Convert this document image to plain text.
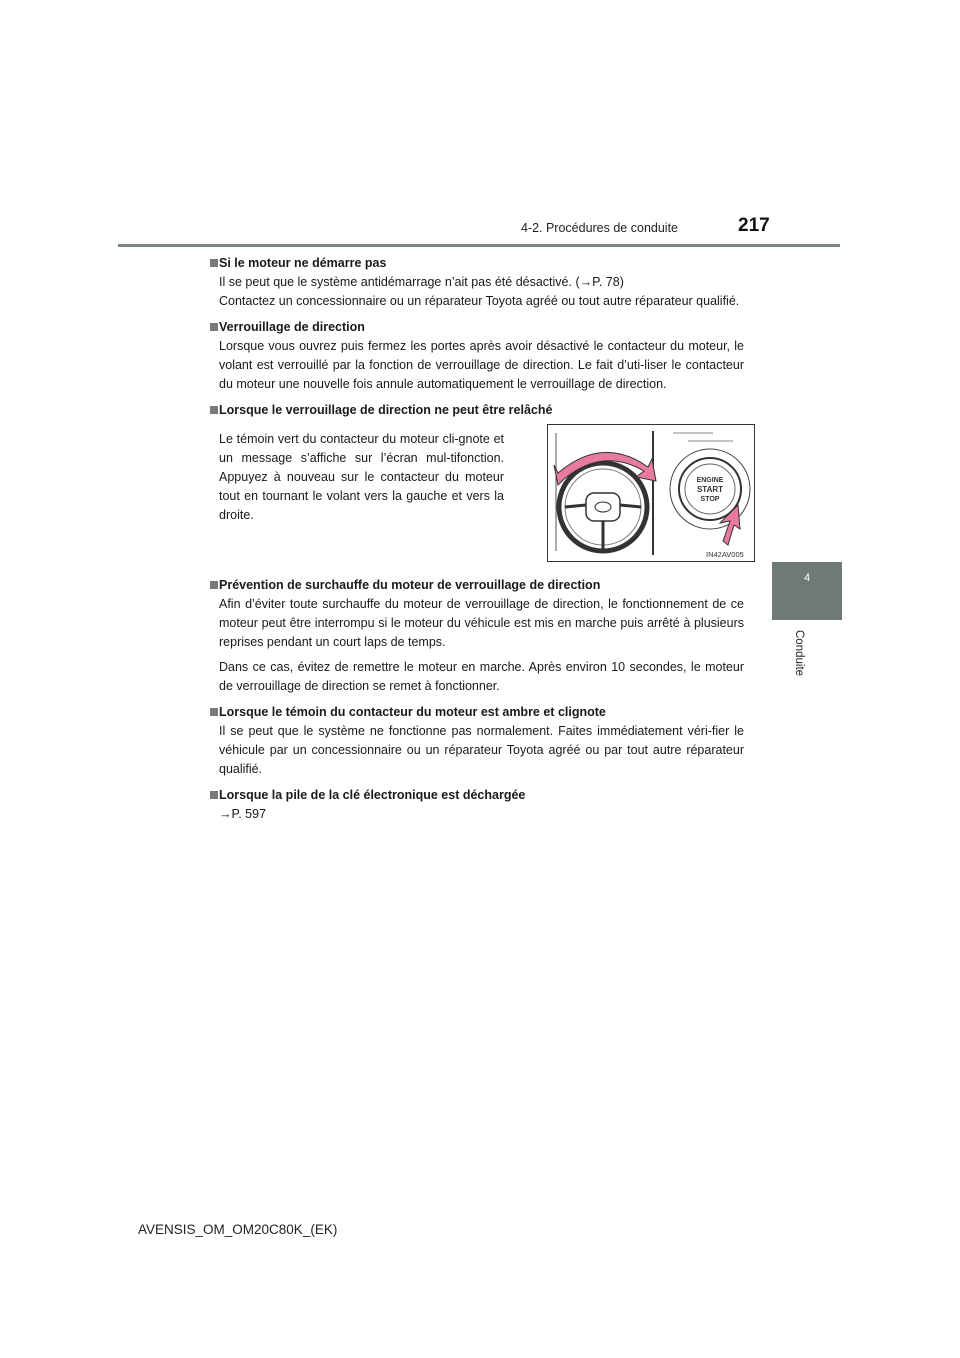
4-2. Procédures de conduite	217
4
Conduite
Si le moteur ne démarre pas
Il se peut que le système antidémarrage n’ait pas été désactivé. (→P. 78)
Contactez un concessionnaire ou un réparateur Toyota agréé ou tout autre réparateur qualifié.
Verrouillage de direction
Lorsque vous ouvrez puis fermez les portes après avoir désactivé le contacteur du moteur, le volant est verrouillé par la fonction de verrouillage de direction. Le fait d’uti-liser le contacteur du moteur une nouvelle fois annule automatiquement le verrouillage de direction.
Lorsque le verrouillage de direction ne peut être relâché
Le témoin vert du contacteur du moteur cli-gnote et un message s’affiche sur l’écran mul-tifonction. Appuyez à nouveau sur le contacteur du moteur tout en tournant le volant vers la gauche et vers la droite.
ENGINE
START
STOP
IN42AV005
Prévention de surchauffe du moteur de verrouillage de direction
Afin d’éviter toute surchauffe du moteur de verrouillage de direction, le fonctionnement de ce moteur peut être interrompu si le moteur du véhicule est mis en marche puis arrêté à plusieurs reprises pendant un court laps de temps.
Dans ce cas, évitez de remettre le moteur en marche. Après environ 10 secondes, le moteur de verrouillage de direction se remet à fonctionner.
Lorsque le témoin du contacteur du moteur est ambre et clignote
Il se peut que le système ne fonctionne pas normalement. Faites immédiatement véri-fier le véhicule par un concessionnaire ou un réparateur Toyota agréé ou par tout autre réparateur qualifié.
Lorsque la pile de la clé électronique est déchargée
→P. 597
AVENSIS_OM_OM20C80K_(EK)
